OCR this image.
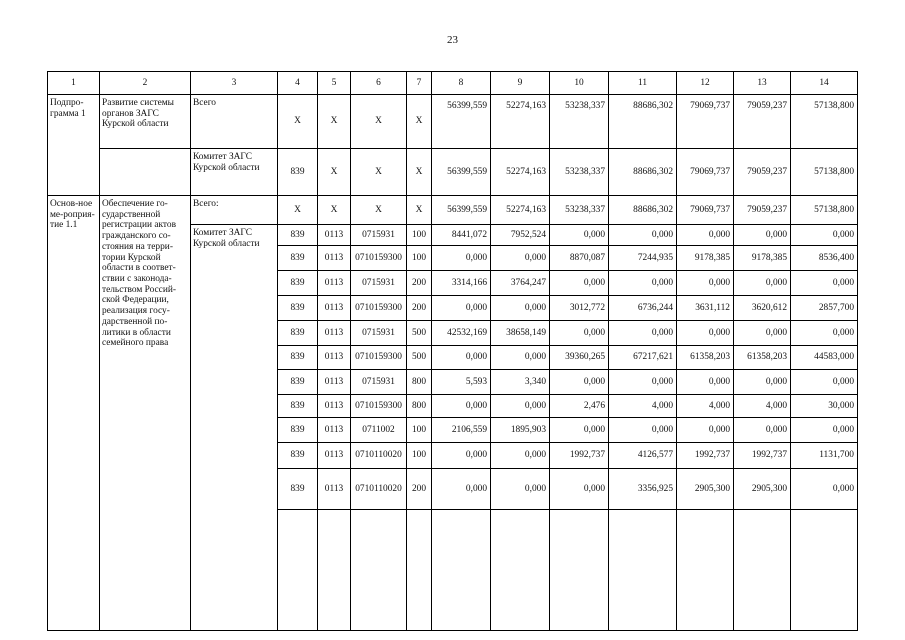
23
1	2	3	4	5	6	7	8	9	10	11	12	13	14	
Подпро-грамма 1	Развитие системы органов ЗАГС Курской области	Всего	Х	Х	Х	Х	56399,559	52274,163	53238,337	88686,302	79069,737	79059,237	57138,800	
		Комитет ЗАГС Курской области	839	Х	Х	Х	56399,559	52274,163	53238,337	88686,302	79069,737	79059,237	57138,800	
Основ-ное ме-роприя-тие 1.1	Обеспечение го-сударственной регистрации актов гражданского со-стояния на терри-тории Курской области в соответ-ствии с законода-тельством Россий-ской Федерации, реализация госу-дарственной по-литики в области семейного права	Всего:	Х	Х	Х	Х	56399,559	52274,163	53238,337	88686,302	79069,737	79059,237	57138,800	
		Комитет ЗАГС Курской области	839	0113	0715931	100	8441,072	7952,524	0,000	0,000	0,000	0,000	0,000	
			839	0113	0710159300	100	0,000	0,000	8870,087	7244,935	9178,385	9178,385	8536,400	
			839	0113	0715931	200	3314,166	3764,247	0,000	0,000	0,000	0,000	0,000	
			839	0113	0710159300	200	0,000	0,000	3012,772	6736,244	3631,112	3620,612	2857,700	
			839	0113	0715931	500	42532,169	38658,149	0,000	0,000	0,000	0,000	0,000	
			839	0113	0710159300	500	0,000	0,000	39360,265	67217,621	61358,203	61358,203	44583,000	
			839	0113	0715931	800	5,593	3,340	0,000	0,000	0,000	0,000	0,000	
			839	0113	0710159300	800	0,000	0,000	2,476	4,000	4,000	4,000	30,000	
			839	0113	0711002	100	2106,559	1895,903	0,000	0,000	0,000	0,000	0,000	
			839	0113	0710110020	100	0,000	0,000	1992,737	4126,577	1992,737	1992,737	1131,700	
			839	0113	0710110020	200	0,000	0,000	0,000	3356,925	2905,300	2905,300	0,000	
